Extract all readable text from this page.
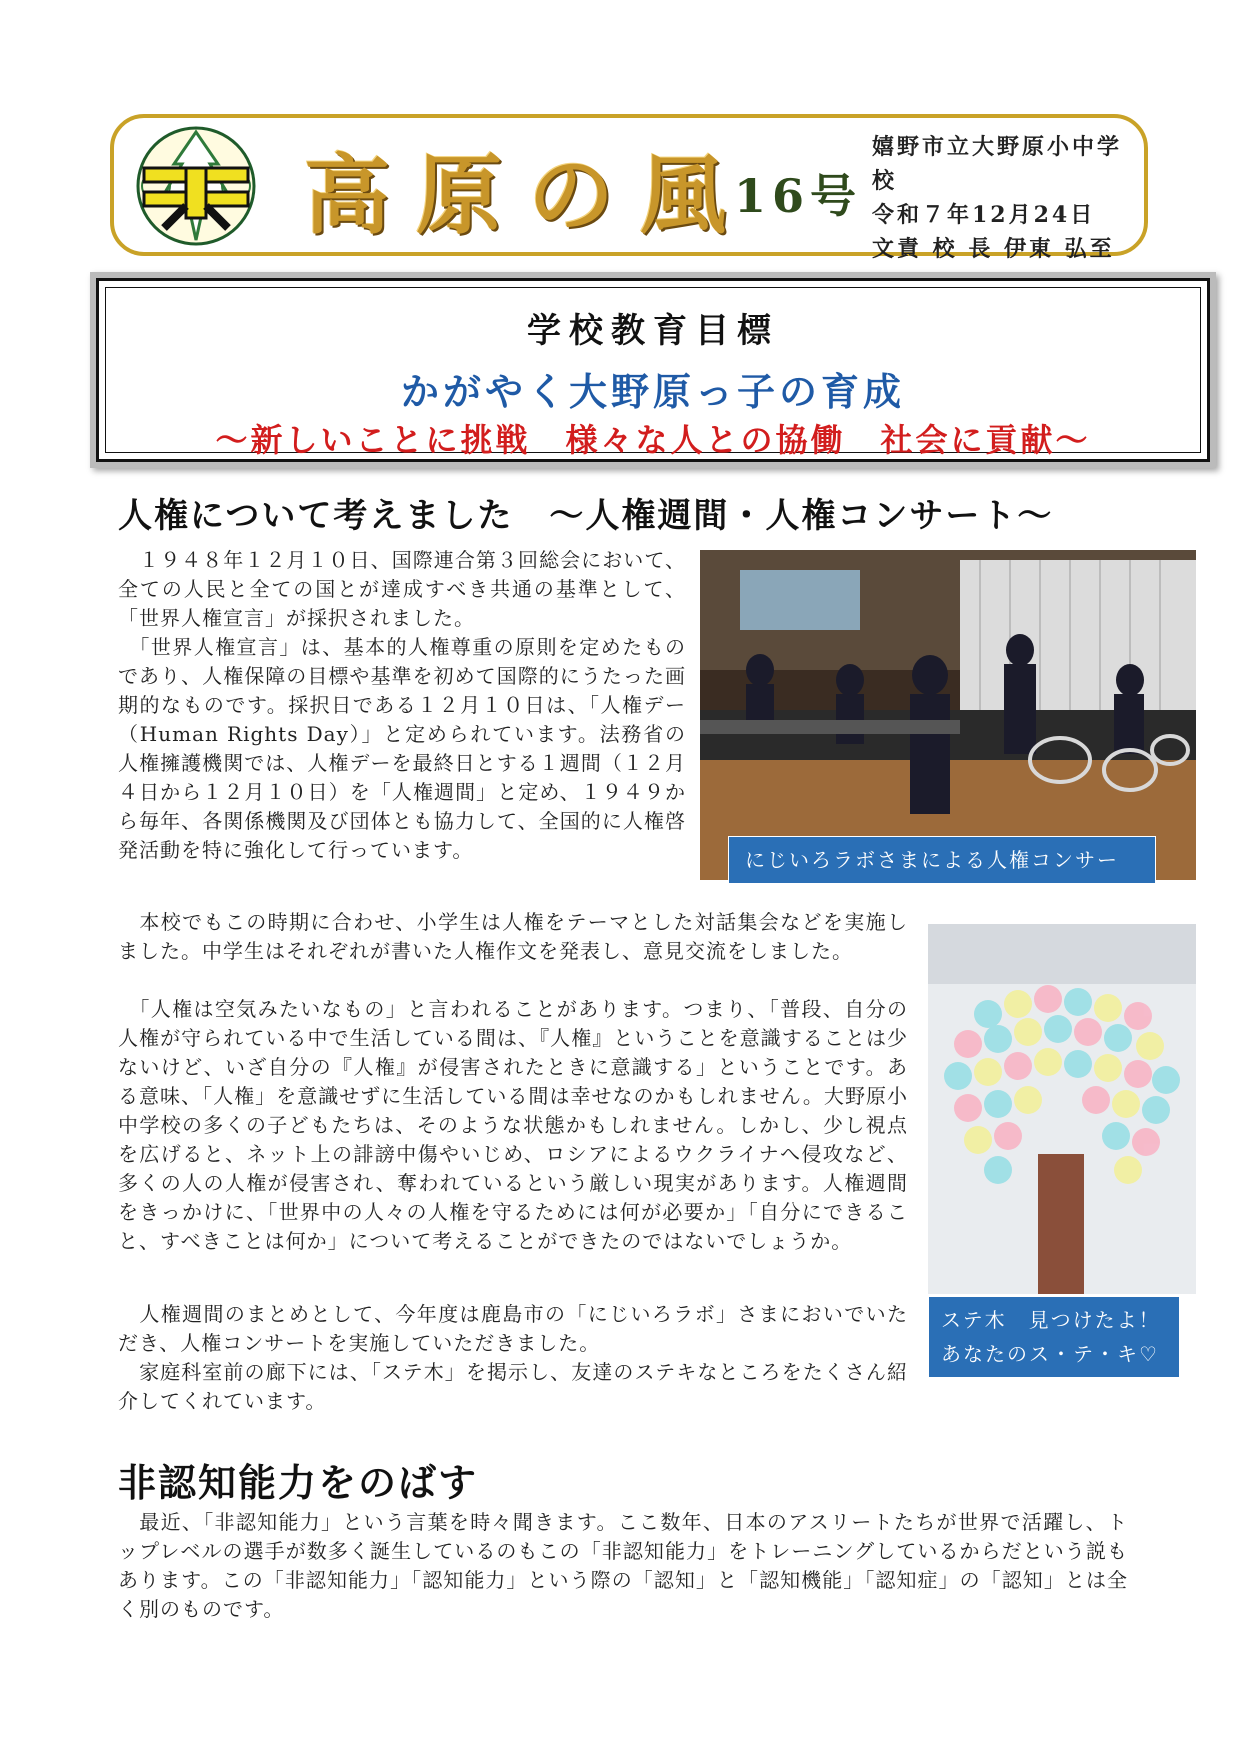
高原の風
16号
嬉野市立大野原小中学校
令和７年12月24日
文責 校 長 伊東 弘至
学校教育目標
かがやく大野原っ子の育成
～新しいことに挑戦　様々な人との協働　社会に貢献～
人権について考えました　～人権週間・人権コンサート～

　１９４８年１２月１０日、国際連合第３回総会において、全ての人民と全ての国とが達成すべき共通の基準として、「世界人権宣言」が採択されました。

　「世界人権宣言」は、基本的人権尊重の原則を定めたものであり、人権保障の目標や基準を初めて国際的にうたった画期的なものです。採択日である１２月１０日は、「人権デー（Human Rights Day）」と定められています。法務省の人権擁護機関では、人権デーを最終日とする１週間（１２月４日から１２月１０日）を「人権週間」と定め、１９４９から毎年、各関係機関及び団体とも協力して、全国的に人権啓発活動を特に強化して行っています。	にじいろラボさまによる人権コンサート

　本校でもこの時期に合わせ、小学生は人権をテーマとした対話集会などを実施しました。中学生はそれぞれが書いた人権作文を発表し、意見交流をしました。

　「人権は空気みたいなもの」と言われることがあります。つまり、「普段、自分の人権が守られている中で生活している間は、『人権』ということを意識することは少ないけど、いざ自分の『人権』が侵害されたときに意識する」ということです。ある意味、「人権」を意識せずに生活している間は幸せなのかもしれません。大野原小中学校の多くの子どもたちは、そのような状態かもしれません。しかし、少し視点を広げると、ネット上の誹謗中傷やいじめ、ロシアによるウクライナへ侵攻など、多くの人の人権が侵害され、奪われているという厳しい現実があります。人権週間をきっかけに、「世界中の人々の人権を守るためには何が必要か」「自分にできること、すべきことは何か」について考えることができたのではないでしょうか。

　人権週間のまとめとして、今年度は鹿島市の「にじいろラボ」さまにおいでいただき、人権コンサートを実施していただきました。

　家庭科室前の廊下には、「ステ木」を掲示し、友達のステキなところをたくさん紹介してくれています。

ステ木　見つけたよ！
あなたのス・テ・キ♡
非認知能力をのばす

　最近、「非認知能力」という言葉を時々聞きます。ここ数年、日本のアスリートたちが世界で活躍し、トップレベルの選手が数多く誕生しているのもこの「非認知能力」をトレーニングしているからだという説もあります。この「非認知能力」「認知能力」という際の「認知」と「認知機能」「認知症」の「認知」とは全く別のものです。
